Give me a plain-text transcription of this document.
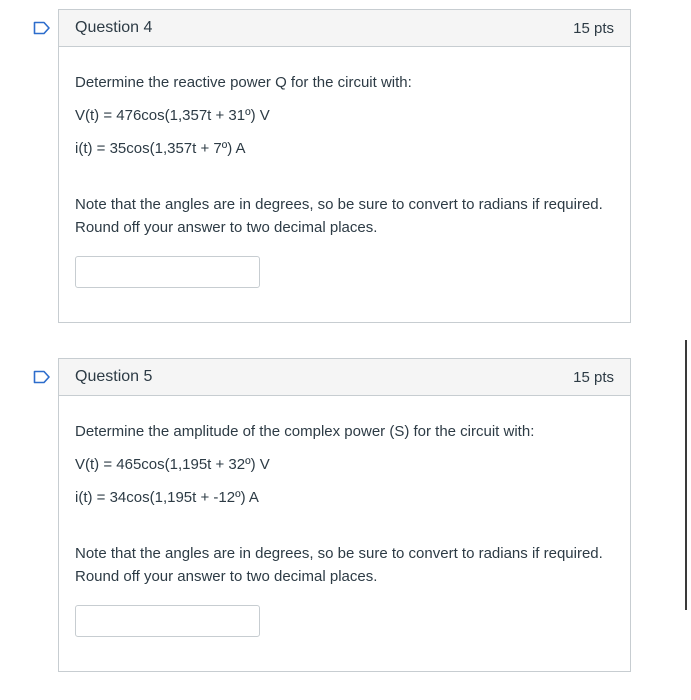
Question 4	15 pts
Determine the reactive power Q for the circuit with:
V(t) = 476cos(1,357t + 31º) V
i(t) = 35cos(1,357t + 7º) A
Note that the angles are in degrees, so be sure to convert to radians if required.
Round off your answer to two decimal places.
Question 5	15 pts
Determine the amplitude of the complex power (S) for the circuit with:
V(t) = 465cos(1,195t + 32º) V
i(t) = 34cos(1,195t + -12º) A
Note that the angles are in degrees, so be sure to convert to radians if required.
Round off your answer to two decimal places.
